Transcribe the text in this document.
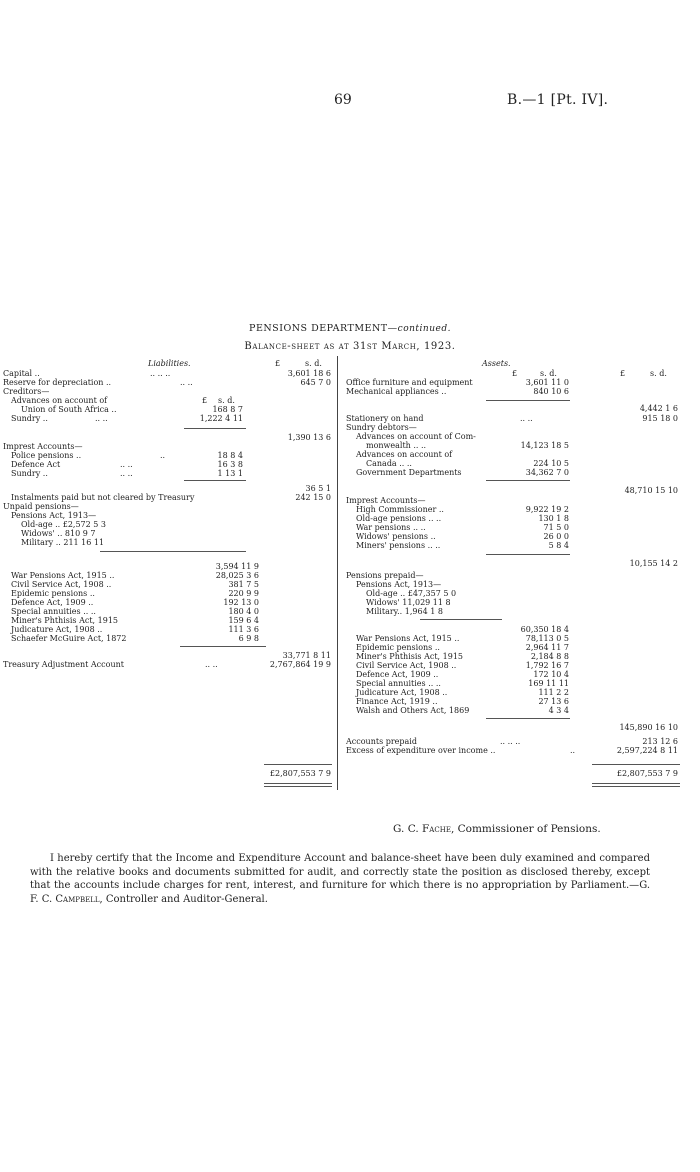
69	B.—1 [Pt. IV].
PENSIONS DEPARTMENT—continued.
Balance-sheet as at 31st March, 1923.
Liabilities.	£	s. d.
Capital ..	.. .. ..	3,601 18 6
Reserve for depreciation ..	.. ..	645 7 0
Creditors—
Advances on account of	£ s. d.
Union of South Africa ..	168 8 7
Sundry ..	.. ..	1,222 4 11
1,390 13 6
Imprest Accounts—
Police pensions ..	..	18 8 4
Defence Act	.. ..	16 3 8
Sundry ..	.. ..	1 13 1
36 5 1
Instalments paid but not cleared by Treasury	242 15 0
Unpaid pensions—
Pensions Act, 1913—
Old-age .. £2,572 5 3
Widows' .. 810 9 7
Military .. 211 16 11
3,594 11 9
War Pensions Act, 1915 ..	28,025 3 6
Civil Service Act, 1908 ..	381 7 5
Epidemic pensions ..	220 9 9
Defence Act, 1909 ..	192 13 0
Special annuities .. ..	180 4 0
Miner's Phthisis Act, 1915	159 6 4
Judicature Act, 1908 ..	111 3 6
Schaefer McGuire Act, 1872	6 9 8
33,771 8 11
Treasury Adjustment Account	.. ..	2,767,864 19 9
£2,807,553 7 9
Assets.
£	s. d.	£	s. d.
Office furniture and equipment	3,601 11 0
Mechanical appliances ..	840 10 6
4,442 1 6
Stationery on hand	.. ..	915 18 0
Sundry debtors—
Advances on account of Com-
monwealth .. ..	14,123 18 5
Advances on account of
Canada .. ..	224 10 5
Government Departments	34,362 7 0
48,710 15 10
Imprest Accounts—
High Commissioner ..	9,922 19 2
Old-age pensions .. ..	130 1 8
War pensions .. ..	71 5 0
Widows' pensions ..	26 0 0
Miners' pensions .. ..	5 8 4
10,155 14 2
Pensions prepaid—
Pensions Act, 1913—
Old-age .. £47,357 5 0
Widows' 11,029 11 8
Military.. 1,964 1 8
60,350 18 4
War Pensions Act, 1915 ..	78,113 0 5
Epidemic pensions ..	2,964 11 7
Miner's Phthisis Act, 1915	2,184 8 8
Civil Service Act, 1908 ..	1,792 16 7
Defence Act, 1909 ..	172 10 4
Special annuities .. ..	169 11 11
Judicature Act, 1908 ..	111 2 2
Finance Act, 1919 ..	27 13 6
Walsh and Others Act, 1869	4 3 4
145,890 16 10
Accounts prepaid	.. .. ..	213 12 6
Excess of expenditure over income ..	..	2,597,224 8 11
£2,807,553 7 9
G. C. Fache, Commissioner of Pensions.
I hereby certify that the Income and Expenditure Account and balance-sheet have been duly examined and compared with the relative books and documents submitted for audit, and correctly state the position as disclosed thereby, except that the accounts include charges for rent, interest, and furniture for which there is no appropriation by Parliament.—G. F. C. Campbell, Controller and Auditor-General.
